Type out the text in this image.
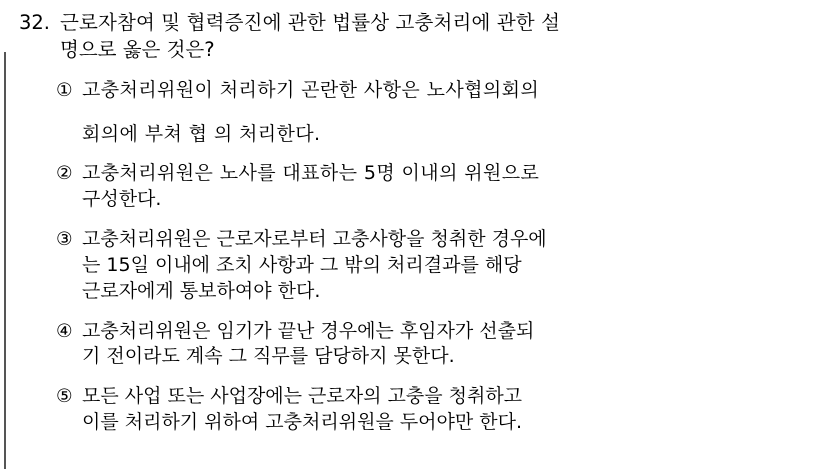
32. 근로자참여 및 협력증진에 관한 법률상 고충처리에 관한 설
명으로 옳은 것은?
① 고충처리위원이 처리하기 곤란한 사항은 노사협의회의
회의에 부쳐 협 의 처리한다.
② 고충처리위원은 노사를 대표하는 5명 이내의 위원으로
구성한다.
③ 고충처리위원은 근로자로부터 고충사항을 청취한 경우에
는 15일 이내에 조치 사항과 그 밖의 처리결과를 해당
근로자에게 통보하여야 한다.
④ 고충처리위원은 임기가 끝난 경우에는 후임자가 선출되
기 전이라도 계속 그 직무를 담당하지 못한다.
⑤ 모든 사업 또는 사업장에는 근로자의 고충을 청취하고
이를 처리하기 위하여 고충처리위원을 두어야만 한다.
